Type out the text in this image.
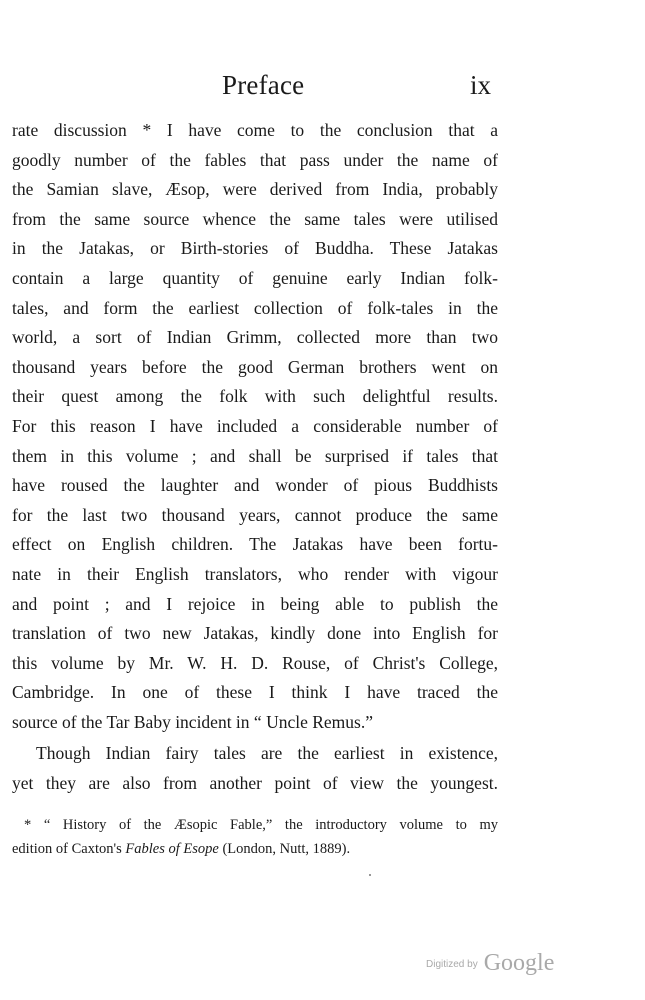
Preface	ix
rate discussion * I have come to the conclusion that a
goodly number of the fables that pass under the name of
the Samian slave, Æsop, were derived from India, probably
from the same source whence the same tales were utilised
in the Jatakas, or Birth-stories of Buddha. These Jatakas
contain a large quantity of genuine early Indian folk-
tales, and form the earliest collection of folk-tales in the
world, a sort of Indian Grimm, collected more than two
thousand years before the good German brothers went on
their quest among the folk with such delightful results.
For this reason I have included a considerable number of
them in this volume ; and shall be surprised if tales that
have roused the laughter and wonder of pious Buddhists
for the last two thousand years, cannot produce the same
effect on English children. The Jatakas have been fortu-
nate in their English translators, who render with vigour
and point ; and I rejoice in being able to publish the
translation of two new Jatakas, kindly done into English for
this volume by Mr. W. H. D. Rouse, of Christ's College,
Cambridge. In one of these I think I have traced the
source of the Tar Baby incident in “ Uncle Remus.”
Though Indian fairy tales are the earliest in existence,
yet they are also from another point of view the youngest.
* “ History of the Æsopic Fable,” the introductory volume to my
edition of Caxton's Fables of Esope (London, Nutt, 1889).
Digitized by Google
